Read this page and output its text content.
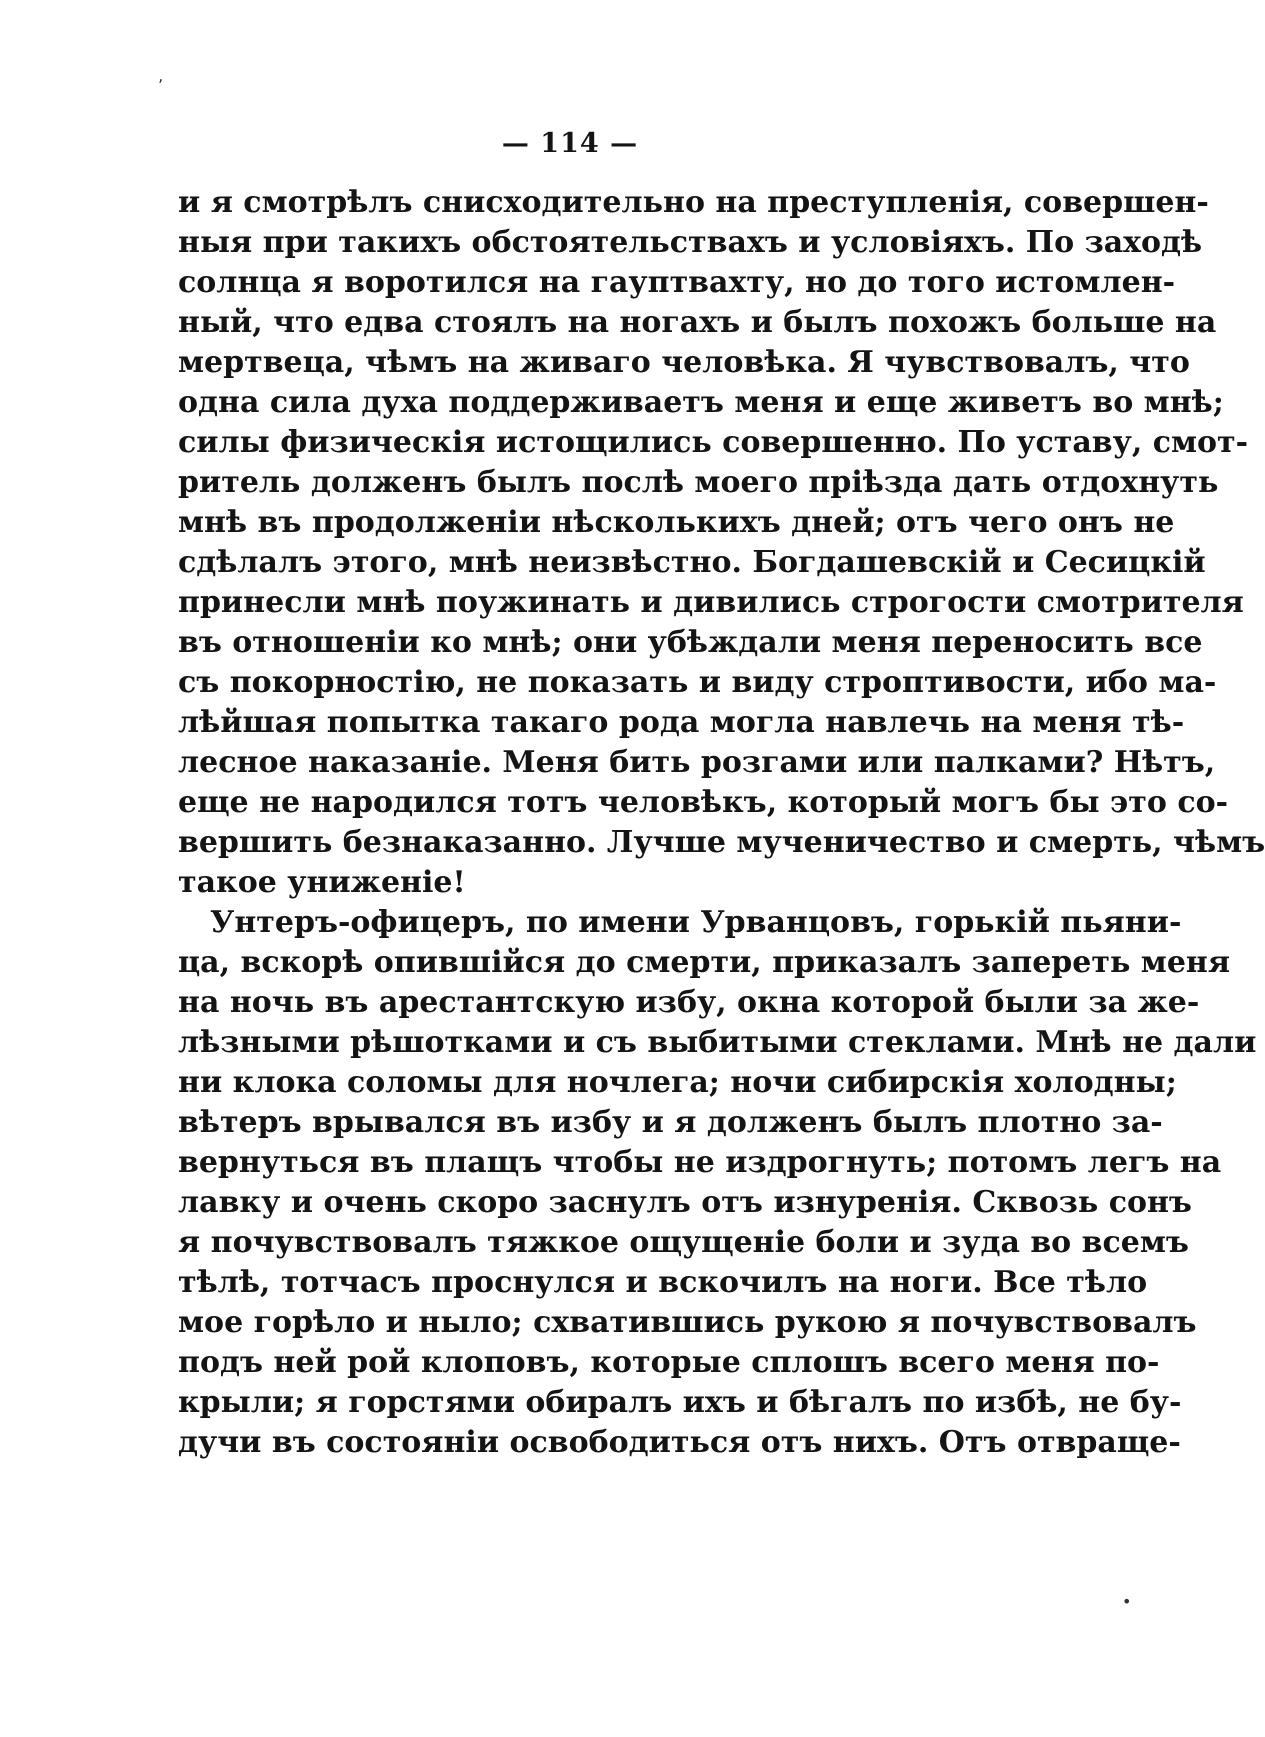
— 114 —
и я смотрѣлъ снисходительно на преступленія, совершен-
ныя при такихъ обстоятельствахъ и условіяхъ. По заходѣ
солнца я воротился на гауптвахту, но до того истомлен-
ный, что едва стоялъ на ногахъ и былъ похожъ больше на
мертвеца, чѣмъ на живаго человѣка. Я чувствовалъ, что
одна сила духа поддерживаетъ меня и еще живетъ во мнѣ;
силы физическія истощились совершенно. По уставу, смот-
ритель долженъ былъ послѣ моего пріѣзда дать отдохнуть
мнѣ въ продолженіи нѣсколькихъ дней; отъ чего онъ не
сдѣлалъ этого, мнѣ неизвѣстно. Богдашевскій и Сесицкій
принесли мнѣ поужинать и дивились строгости смотрителя
въ отношеніи ко мнѣ; они убѣждали меня переносить все
съ покорностію, не показать и виду строптивости, ибо ма-
лѣйшая попытка такаго рода могла навлечь на меня тѣ-
лесное наказаніе. Меня бить розгами или палками? Нѣтъ,
еще не народился тотъ человѣкъ, который могъ бы это со-
вершить безнаказанно. Лучше мученичество и смерть, чѣмъ
такое униженіе!
Унтеръ-офицеръ, по имени Урванцовъ, горькій пьяни-
ца, вскорѣ опившійся до смерти, приказалъ запереть меня
на ночь въ арестантскую избу, окна которой были за же-
лѣзными рѣшотками и съ выбитыми стеклами. Мнѣ не дали
ни клока соломы для ночлега; ночи сибирскія холодны;
вѣтеръ врывался въ избу и я долженъ былъ плотно за-
вернуться въ плащъ чтобы не издрогнуть; потомъ легъ на
лавку и очень скоро заснулъ отъ изнуренія. Сквозь сонъ
я почувствовалъ тяжкое ощущеніе боли и зуда во всемъ
тѣлѣ, тотчасъ проснулся и вскочилъ на ноги. Все тѣло
мое горѣло и ныло; схватившись рукою я почувствовалъ
подъ ней рой клоповъ, которые сплошъ всего меня по-
крыли; я горстями обиралъ ихъ и бѣгалъ по избѣ, не бу-
дучи въ состояніи освободиться отъ нихъ. Отъ отвраще-
ʼ
•
